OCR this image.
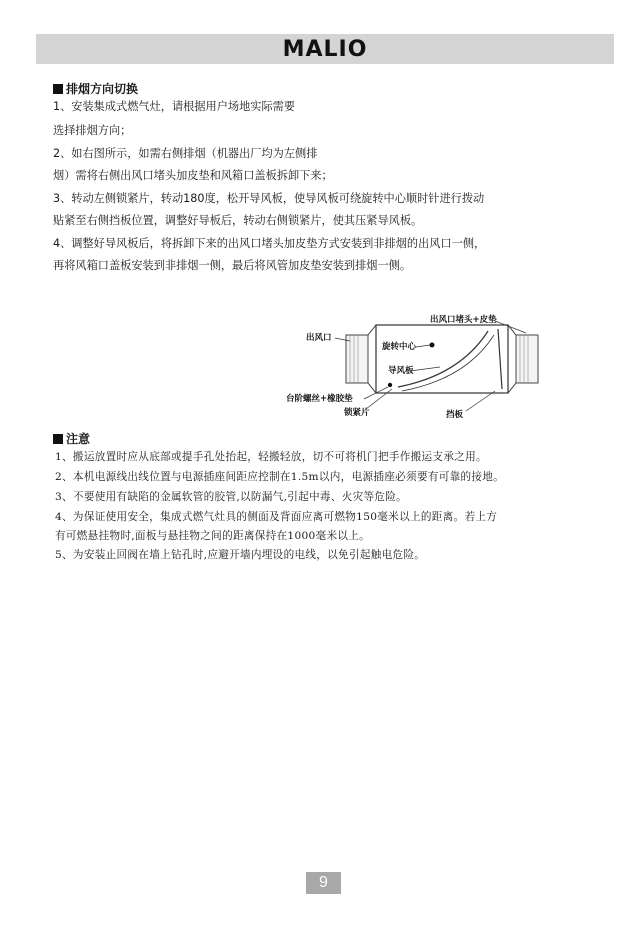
MALIO
排烟方向切换
1、安装集成式燃气灶，请根据用户场地实际需要
选择排烟方向；
2、如右图所示，如需右侧排烟（机器出厂均为左侧排
烟）需将右侧出风口堵头加皮垫和风箱口盖板拆卸下来；
3、转动左侧锁紧片，转动180度，松开导风板，使导风板可绕旋转中心顺时针进行拨动
贴紧至右侧挡板位置，调整好导板后，转动右侧锁紧片，使其压紧导风板。
4、调整好导风板后，将拆卸下来的出风口堵头加皮垫方式安装到非排烟的出风口一侧，
再将风箱口盖板安装到非排烟一侧，最后将风管加皮垫安装到排烟一侧。
出风口
出风口堵头+皮垫
旋转中心
导风板
台阶螺丝+橡胶垫
锁紧片	挡板
注意
1、搬运放置时应从底部或提手孔处抬起，轻搬轻放，切不可将机门把手作搬运支承之用。
2、本机电源线出线位置与电源插座间距应控制在1.5m以内，电源插座必须要有可靠的接地。
3、不要使用有缺陷的金属软管的胶管,以防漏气,引起中毒、火灾等危险。
4、为保证使用安全，集成式燃气灶具的侧面及背面应离可燃物150毫米以上的距离。若上方
有可燃悬挂物时,面板与悬挂物之间的距离保持在1000毫米以上。
5、为安装止回阀在墙上钻孔时,应避开墙内埋设的电线，以免引起触电危险。
9
